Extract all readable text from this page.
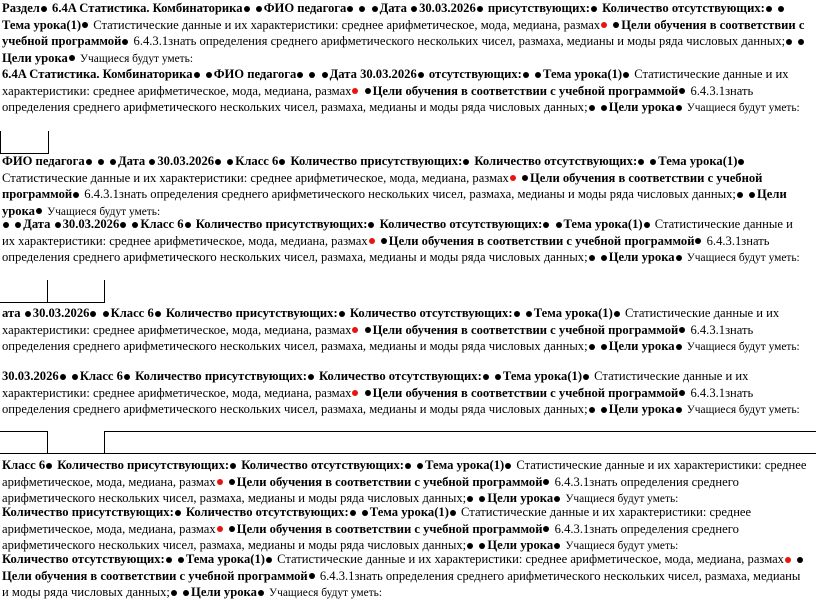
Раздел 6.4A Статистика. Комбинаторика ФИО педагога	Дата 30.03.2026 присутствующих: Количество отсутствующих: Тема урока(1) Статистические данные и их характеристики: среднее арифметическое, мода, медиана, размах Цели обучения в соответствии с учебной программой 6.4.3.1знать определения среднего арифметического нескольких чисел, размаха, медианы и моды ряда числовых данных; Цели урока Учащиеся будут уметь:

6.4A Статистика. Комбинаторика ФИО педагога	Дата 30.03.2026 отсутствующих: Тема урока(1) Статистические данные и их характеристики: среднее арифметическое, мода, медиана, размах Цели обучения в соответствии с учебной программой 6.4.3.1знать определения среднего арифметического нескольких чисел, размаха, медианы и моды ряда числовых данных; Цели урока Учащиеся будут уметь:

ФИО педагога	Дата 30.03.2026 Класс 6 Количество присутствующих: Количество отсутствующих: Тема урока(1) Статистические данные и их характеристики: среднее арифметическое, мода, медиана, размах Цели обучения в соответствии с учебной программой 6.4.3.1знать определения среднего арифметического нескольких чисел, размаха, медианы и моды ряда числовых данных; Цели урока Учащиеся будут уметь:

Дата 30.03.2026 Класс 6 Количество присутствующих: Количество отсутствующих: Тема урока(1) Статистические данные и их характеристики: среднее арифметическое, мода, медиана, размах Цели обучения в соответствии с учебной программой 6.4.3.1знать определения среднего арифметического нескольких чисел, размаха, медианы и моды ряда числовых данных; Цели урока Учащиеся будут уметь:

ата 30.03.2026 Класс 6 Количество присутствующих: Количество отсутствующих: Тема урока(1) Статистические данные и их характеристики: среднее арифметическое, мода, медиана, размах Цели обучения в соответствии с учебной программой 6.4.3.1знать определения среднего арифметического нескольких чисел, размаха, медианы и моды ряда числовых данных; Цели урока Учащиеся будут уметь:

30.03.2026 Класс 6 Количество присутствующих: Количество отсутствующих: Тема урока(1) Статистические данные и их характеристики: среднее арифметическое, мода, медиана, размах Цели обучения в соответствии с учебной программой 6.4.3.1знать определения среднего арифметического нескольких чисел, размаха, медианы и моды ряда числовых данных; Цели урока Учащиеся будут уметь:

Класс 6 Количество присутствующих: Количество отсутствующих: Тема урока(1) Статистические данные и их характеристики: среднее арифметическое, мода, медиана, размах Цели обучения в соответствии с учебной программой 6.4.3.1знать определения среднего арифметического нескольких чисел, размаха, медианы и моды ряда числовых данных; Цели урока Учащиеся будут уметь:

Количество присутствующих: Количество отсутствующих: Тема урока(1) Статистические данные и их характеристики: среднее арифметическое, мода, медиана, размах Цели обучения в соответствии с учебной программой 6.4.3.1знать определения среднего арифметического нескольких чисел, размаха, медианы и моды ряда числовых данных; Цели урока Учащиеся будут уметь:

Количество отсутствующих: Тема урока(1) Статистические данные и их характеристики: среднее арифметическое, мода, медиана, размах Цели обучения в соответствии с учебной программой 6.4.3.1знать определения среднего арифметического нескольких чисел, размаха, медианы и моды ряда числовых данных; Цели урока Учащиеся будут уметь:
